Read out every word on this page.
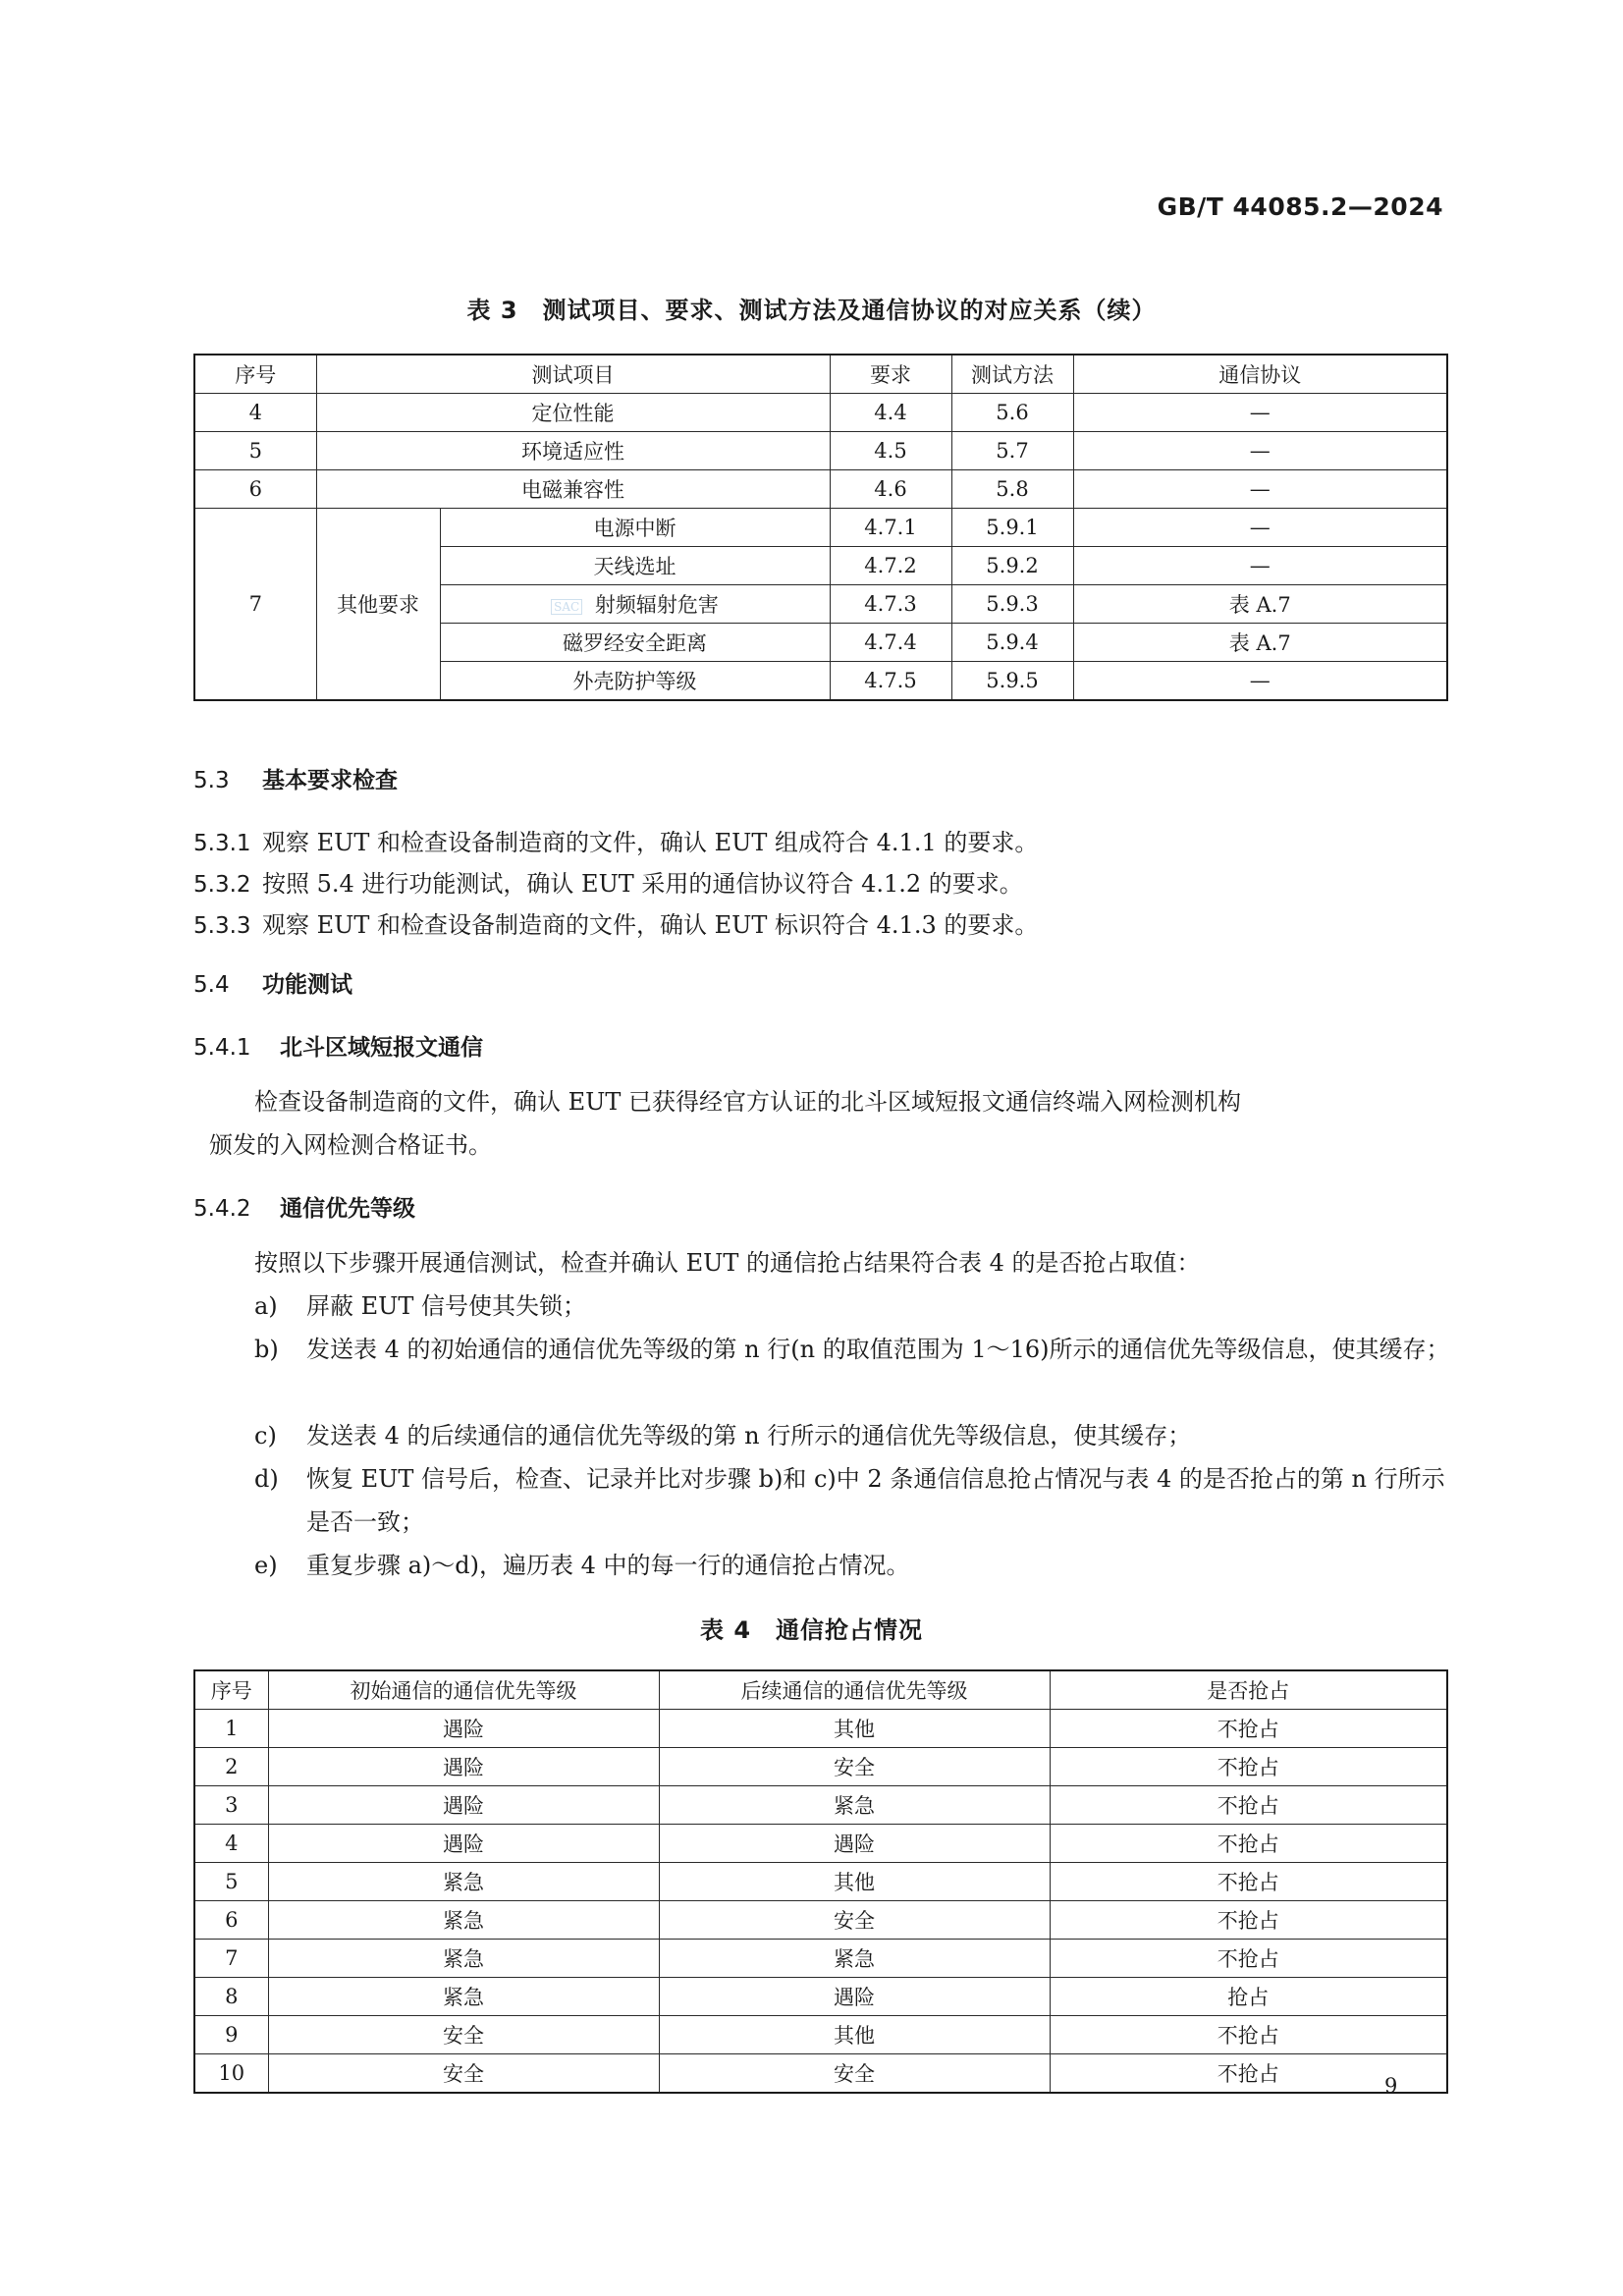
GB/T 44085.2—2024
表 3　测试项目、要求、测试方法及通信协议的对应关系（续）
序号	测试项目		要求	测试方法	通信协议
4	定位性能		4.4	5.6	—
5	环境适应性		4.5	5.7	—
6	电磁兼容性		4.6	5.8	—
7	其他要求	电源中断	4.7.1	5.9.1	—
		天线选址	4.7.2	5.9.2	—
		SAC 射频辐射危害	4.7.3	5.9.3	表 A.7
		磁罗经安全距离	4.7.4	5.9.4	表 A.7
		外壳防护等级	4.7.5	5.9.5	—
5.3 基本要求检查
5.3.1 观察 EUT 和检查设备制造商的文件，确认 EUT 组成符合 4.1.1 的要求。
5.3.2 按照 5.4 进行功能测试，确认 EUT 采用的通信协议符合 4.1.2 的要求。
5.3.3 观察 EUT 和检查设备制造商的文件，确认 EUT 标识符合 4.1.3 的要求。
5.4 功能测试
5.4.1 北斗区域短报文通信
检查设备制造商的文件，确认 EUT 已获得经官方认证的北斗区域短报文通信终端入网检测机构
颁发的入网检测合格证书。
5.4.2 通信优先等级
按照以下步骤开展通信测试，检查并确认 EUT 的通信抢占结果符合表 4 的是否抢占取值：
a)	屏蔽 EUT 信号使其失锁；
b)	发送表 4 的初始通信的通信优先等级的第 n 行(n 的取值范围为 1～16)所示的通信优先等级信息，使其缓存；
c)	发送表 4 的后续通信的通信优先等级的第 n 行所示的通信优先等级信息，使其缓存；
d)	恢复 EUT 信号后，检查、记录并比对步骤 b)和 c)中 2 条通信信息抢占情况与表 4 的是否抢占的第 n 行所示是否一致；
e)	重复步骤 a)～d)，遍历表 4 中的每一行的通信抢占情况。
表 4　通信抢占情况
序号	初始通信的通信优先等级	后续通信的通信优先等级	是否抢占
1	遇险	其他	不抢占
2	遇险	安全	不抢占
3	遇险	紧急	不抢占
4	遇险	遇险	不抢占
5	紧急	其他	不抢占
6	紧急	安全	不抢占
7	紧急	紧急	不抢占
8	紧急	遇险	抢占
9	安全	其他	不抢占
10	安全	安全	不抢占	9
